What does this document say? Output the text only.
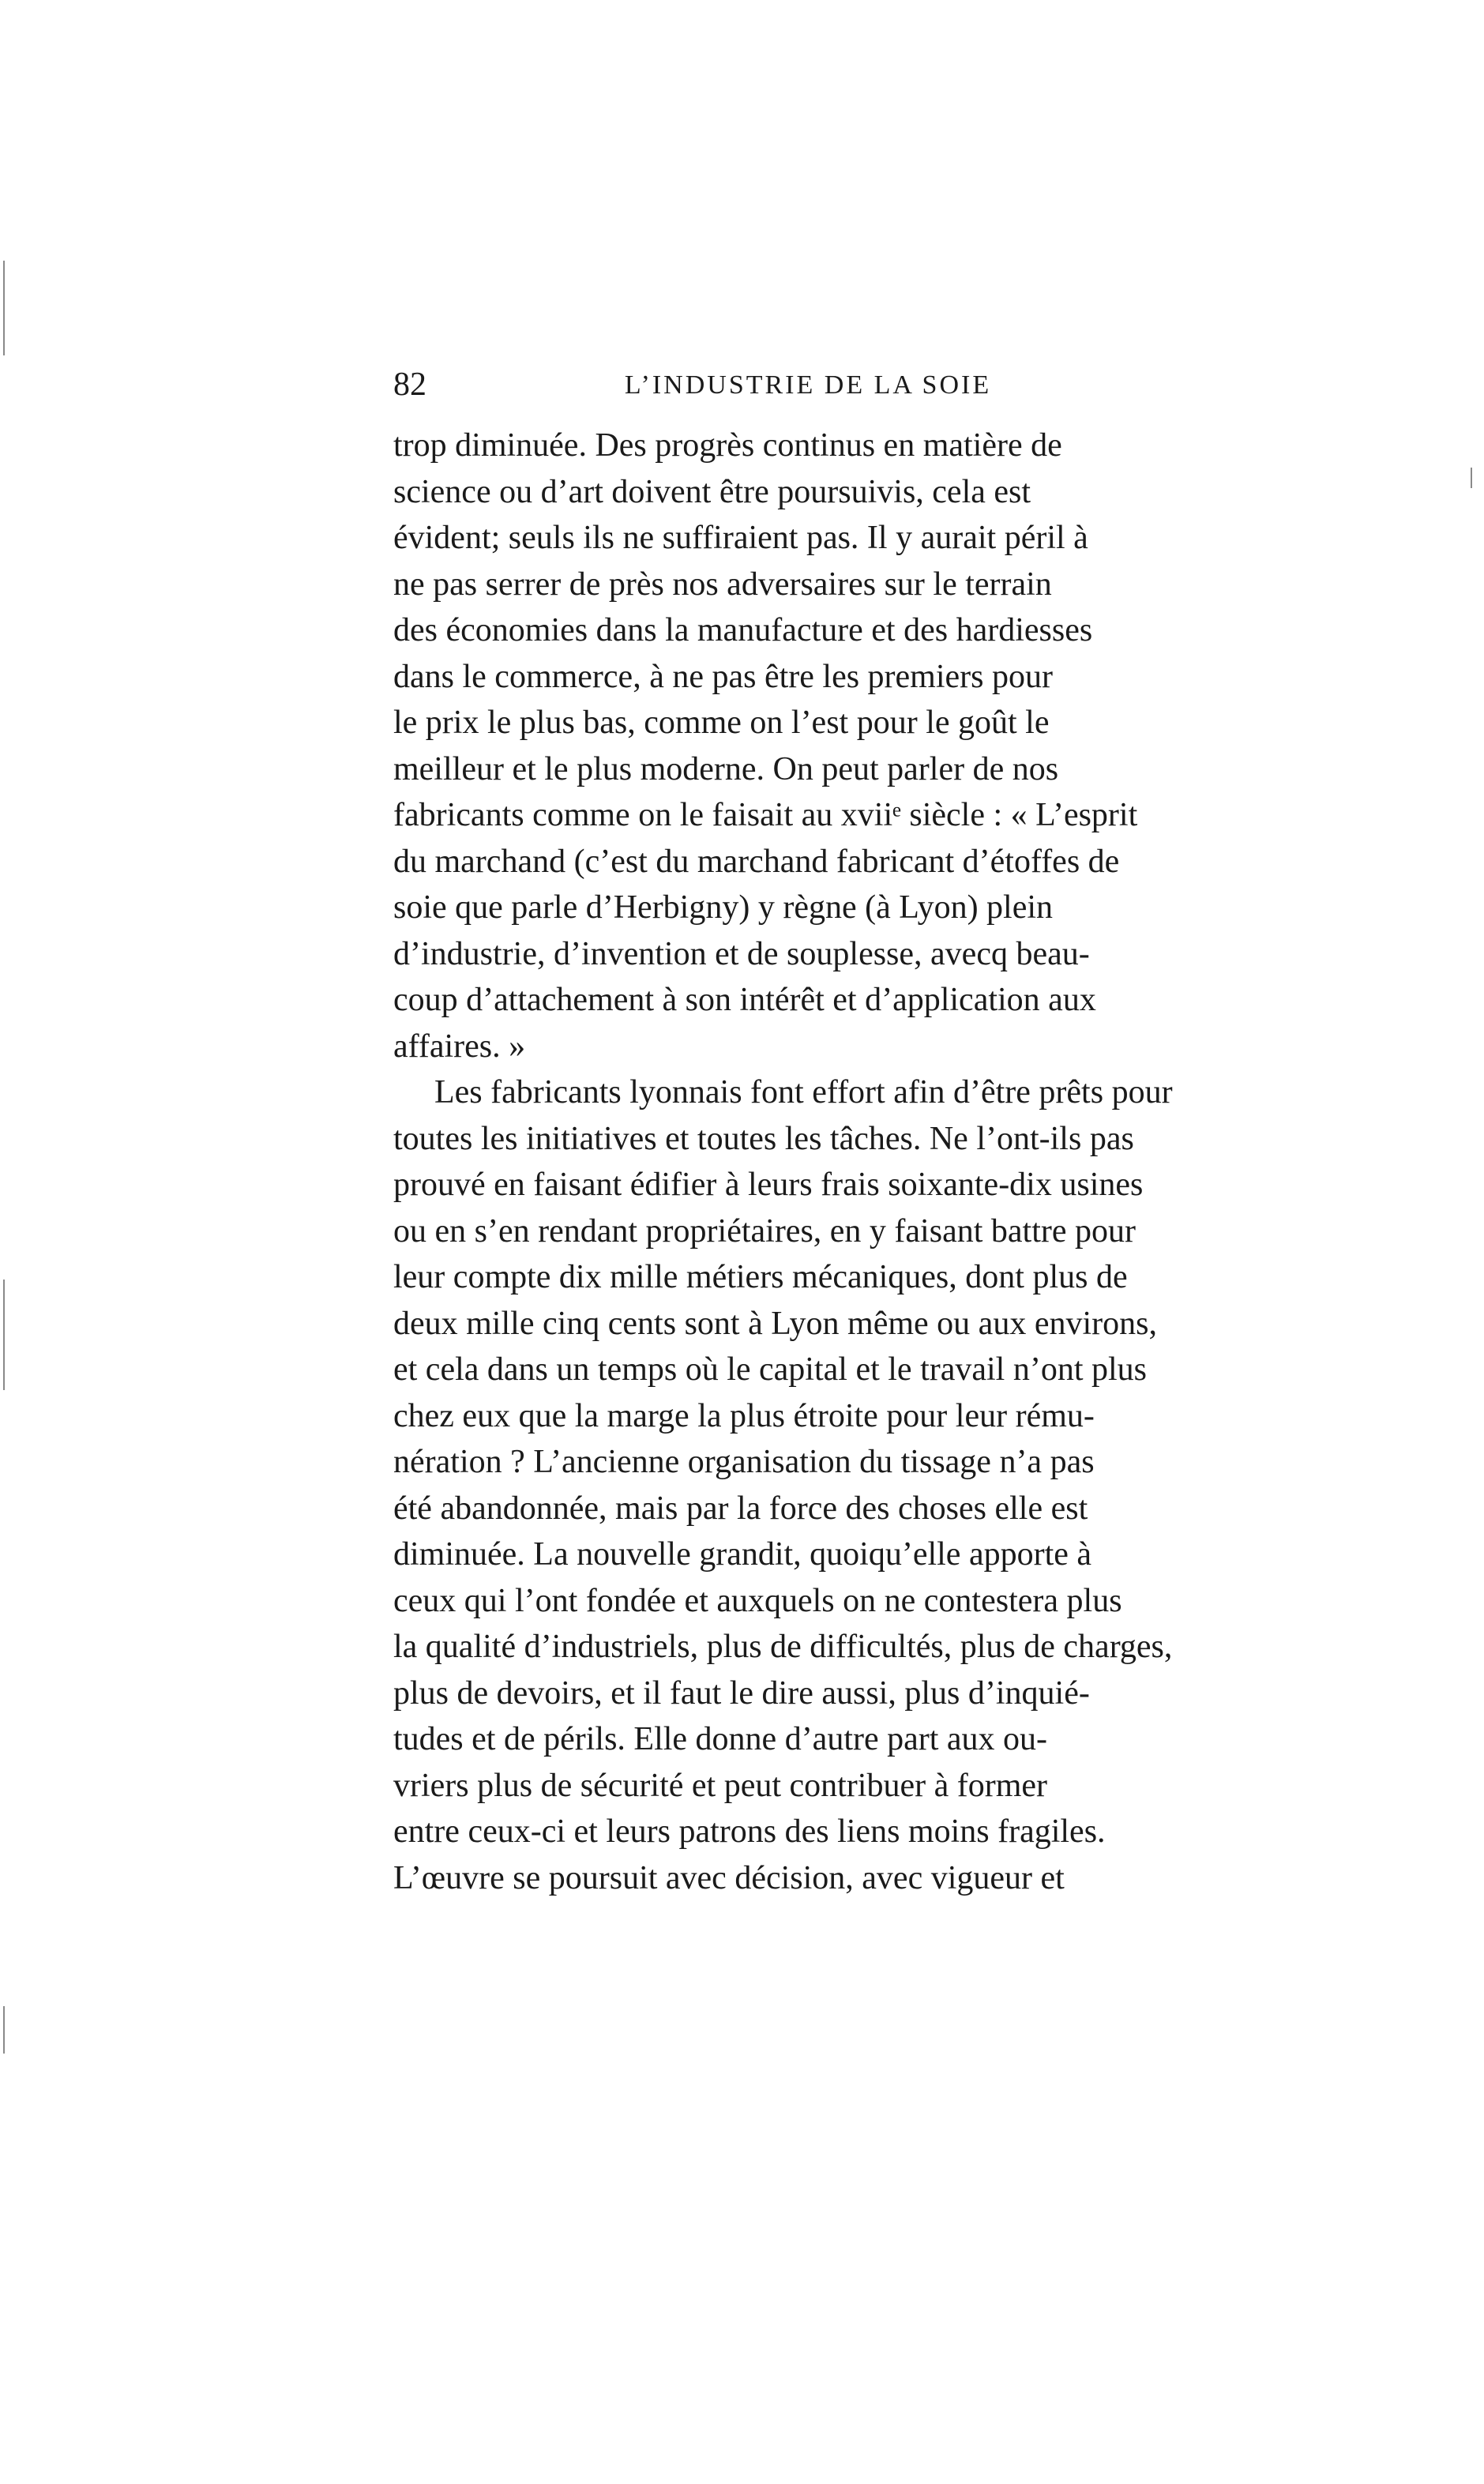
82	L’INDUSTRIE DE LA SOIE
trop diminuée. Des progrès continus en matière de
science ou d’art doivent être poursuivis, cela est
évident; seuls ils ne suffiraient pas. Il y aurait péril à
ne pas serrer de près nos adversaires sur le terrain
des économies dans la manufacture et des hardiesses
dans le commerce, à ne pas être les premiers pour
le prix le plus bas, comme on l’est pour le goût le
meilleur et le plus moderne. On peut parler de nos
fabricants comme on le faisait au xviiᵉ siècle : « L’esprit
du marchand (c’est du marchand fabricant d’étoffes de
soie que parle d’Herbigny) y règne (à Lyon) plein
d’industrie, d’invention et de souplesse, avecq beau-
coup d’attachement à son intérêt et d’application aux
affaires. »
Les fabricants lyonnais font effort afin d’être prêts pour
toutes les initiatives et toutes les tâches. Ne l’ont-ils pas
prouvé en faisant édifier à leurs frais soixante-dix usines
ou en s’en rendant propriétaires, en y faisant battre pour
leur compte dix mille métiers mécaniques, dont plus de
deux mille cinq cents sont à Lyon même ou aux environs,
et cela dans un temps où le capital et le travail n’ont plus
chez eux que la marge la plus étroite pour leur rému-
nération ? L’ancienne organisation du tissage n’a pas
été abandonnée, mais par la force des choses elle est
diminuée. La nouvelle grandit, quoiqu’elle apporte à
ceux qui l’ont fondée et auxquels on ne contestera plus
la qualité d’industriels, plus de difficultés, plus de charges,
plus de devoirs, et il faut le dire aussi, plus d’inquié-
tudes et de périls. Elle donne d’autre part aux ou-
vriers plus de sécurité et peut contribuer à former
entre ceux-ci et leurs patrons des liens moins fragiles.
L’œuvre se poursuit avec décision, avec vigueur et
